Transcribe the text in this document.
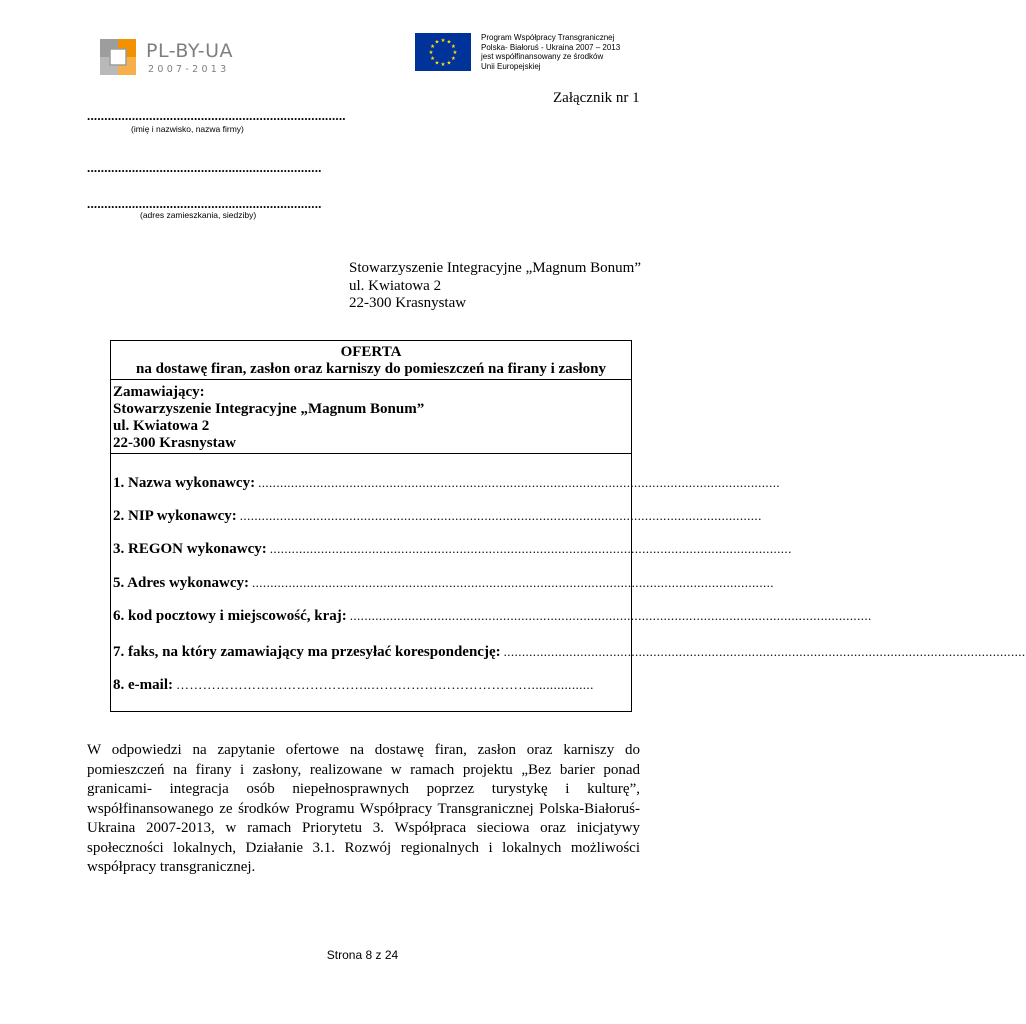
PL-BY-UA
2007-2013
★ ★
★
★
★
★
★
★
★
★
★
★
Program Współpracy Transgranicznej
Polska- Białoruś - Ukraina 2007 – 2013
jest współfinansowany ze środków
Unii Europejskiej
Załącznik nr 1
...........................................................................
(imię i nazwisko, nazwa firmy)
....................................................................
....................................................................
(adres zamieszkania, siedziby)
Stowarzyszenie Integracyjne „Magnum Bonum”
ul. Kwiatowa 2
22-300 Krasnystaw
OFERTA
na dostawę firan, zasłon oraz karniszy do pomieszczeń na firany i zasłony
Zamawiający:
Stowarzyszenie Integracyjne „Magnum Bonum”
ul. Kwiatowa 2
22-300 Krasnystaw
1. Nazwa wykonawcy: ...............................................................................................................................................
2. NIP wykonawcy: ...............................................................................................................................................
3. REGON wykonawcy: ...............................................................................................................................................
5. Adres wykonawcy: ...............................................................................................................................................
6. kod pocztowy i miejscowość, kraj: ...............................................................................................................................................
7. faks, na który zamawiający ma przesyłać korespondencję: ...............................................................................................................................................
8. e-mail: ……………………………………..……………………………….................
W odpowiedzi na zapytanie ofertowe na dostawę firan, zasłon oraz karniszy do pomieszczeń na firany i zasłony, realizowane w ramach projektu „Bez barier ponad granicami- integracja osób niepełnosprawnych poprzez turystykę i kulturę”, współfinansowanego ze środków Programu Współpracy Transgranicznej Polska-Białoruś-Ukraina 2007-2013, w ramach Priorytetu 3. Współpraca sieciowa oraz inicjatywy społeczności lokalnych, Działanie 3.1. Rozwój regionalnych i lokalnych możliwości współpracy transgranicznej.
Strona 8 z 24
